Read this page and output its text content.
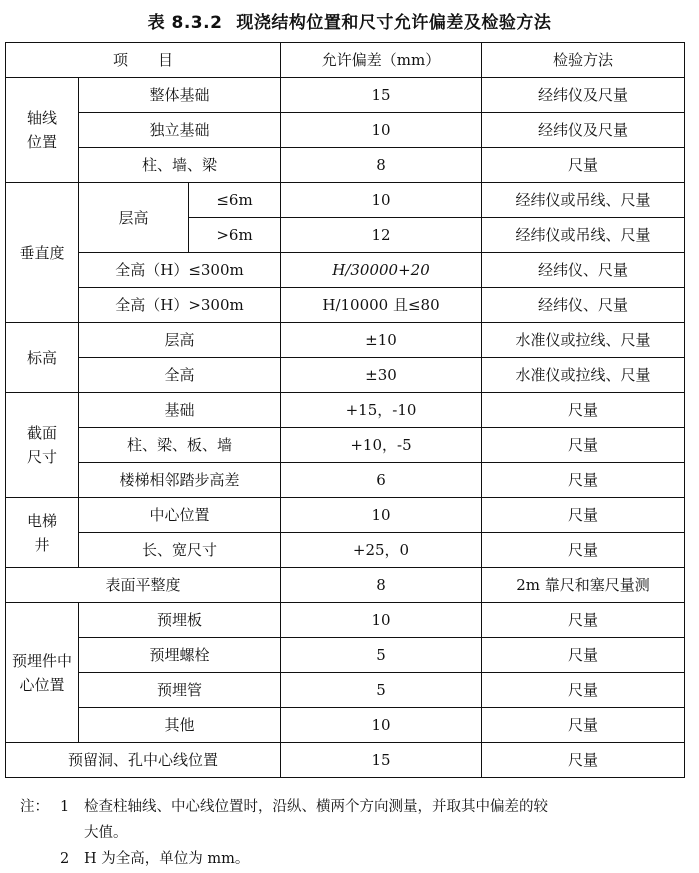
表 8.3.2 现浇结构位置和尺寸允许偏差及检验方法
项　　目			允许偏差（mm）	检验方法
轴线位置	整体基础		15	经纬仪及尺量
	独立基础		10	经纬仪及尺量
	柱、墙、梁		8	尺量
垂直度	层高	≤6m	10	经纬仪或吊线、尺量
		>6m	12	经纬仪或吊线、尺量
	全高（H）≤300m		H/30000+20	经纬仪、尺量
	全高（H）>300m		H/10000 且≤80	经纬仪、尺量
标高	层高		±10	水准仪或拉线、尺量
	全高		±30	水准仪或拉线、尺量
截面尺寸	基础		+15，-10	尺量
	柱、梁、板、墙		+10，-5	尺量
	楼梯相邻踏步高差		6	尺量
电梯井	中心位置		10	尺量
	长、宽尺寸		+25，0	尺量
表面平整度			8	2m 靠尺和塞尺量测
预埋件中心位置	预埋板		10	尺量
	预埋螺栓		5	尺量
	预埋管		5	尺量
	其他		10	尺量
预留洞、孔中心线位置			15	尺量
注： 1	检查柱轴线、中心线位置时，沿纵、横两个方向测量，并取其中偏差的较
大值。
2	H 为全高，单位为 mm。
